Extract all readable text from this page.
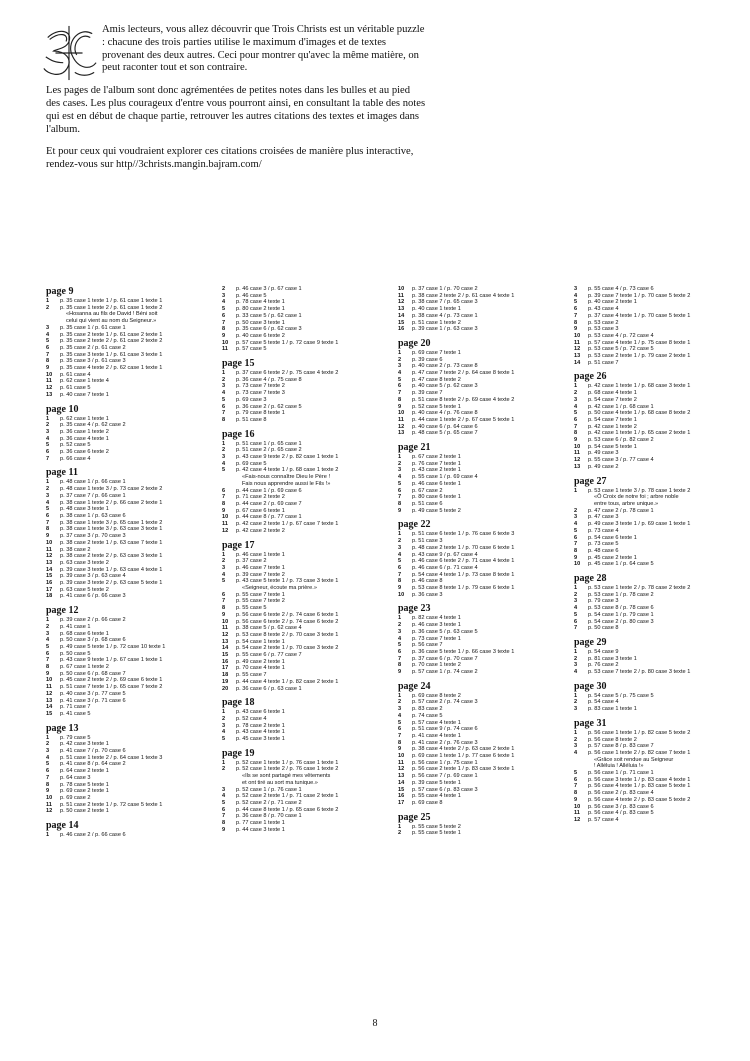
Amis lecteurs, vous allez découvrir que Trois Christs est un véritable puzzle : chacune des trois parties utilise le maximum d'images et de textes provenant des deux autres. Ceci pour montrer qu'avec la même matière, on peut raconter tout et son contraire.

Les pages de l'album sont donc agrémentées de petites notes dans les bulles et au pied des cases. Les plus courageux d'entre vous pourront ainsi, en consultant la table des notes qui est en début de chaque partie, retrouver les autres citations des textes et images dans l'album.

Et pour ceux qui voudraient explorer ces citations croisées de manière plus interactive, rendez-vous sur http//3christs.mangin.bajram.com/

page 9
1	p. 35 case 1 texte 1 / p. 61 case 1 texte 1
2	p. 35 case 1 texte 2 / p. 61 case 1 texte 2
«Hosanna au fils de David ! Béni soit
celui qui vient au nom du Seigneur.»
3	p. 35 case 1 / p. 61 case 1
4	p. 35 case 2 texte 1 / p. 61 case 2 texte 1
5	p. 35 case 2 texte 2 / p. 61 case 2 texte 2
6	p. 35 case 2 / p. 61 case 2
7	p. 35 case 3 texte 1 / p. 61 case 3 texte 1
8	p. 35 case 3 / p. 61 case 3
9	p. 35 case 4 texte 2 / p. 62 case 1 texte 1
10	p. 61 case 4
11	p. 62 case 1 texte 4
12	p. 61 case 5
13	p. 40 case 7 texte 1
page 10
1	p. 62 case 1 texte 1
2	p. 35 case 4 / p. 62 case 2
3	p. 36 case 1 texte 2
4	p. 36 case 4 texte 1
5	p. 52 case 5
6	p. 36 case 6 texte 2
7	p. 66 case 4
page 11
1	p. 48 case 1 / p. 66 case 1
2	p. 48 case 1 texte 3 / p. 73 case 2 texte 2
3	p. 37 case 7 / p. 66 case 1
4	p. 38 case 1 texte 2 / p. 66 case 2 texte 1
5	p. 48 case 3 texte 1
6	p. 38 case 1 / p. 63 case 6
7	p. 38 case 1 texte 3 / p. 65 case 1 texte 2
8	p. 38 case 1 texte 3 / p. 63 case 3 texte 1
9	p. 37 case 3 / p. 70 case 3
10	p. 38 case 2 texte 1 / p. 63 case 7 texte 1
11	p. 38 case 2
12	p. 38 case 2 texte 2 / p. 63 case 3 texte 1
13	p. 63 case 3 texte 2
14	p. 39 case 3 texte 1 / p. 63 case 4 texte 1
15	p. 39 case 3 / p. 63 case 4
16	p. 39 case 3 texte 2 / p. 63 case 5 texte 1
17	p. 63 case 5 texte 2
18	p. 41 case 6 / p. 66 case 3
page 12
1	p. 39 case 2 / p. 66 case 2
2	p. 41 case 1
3	p. 68 case 6 texte 1
4	p. 50 case 3 / p. 68 case 6
5	p. 49 case 5 texte 1 / p. 72 case 10 texte 1
6	p. 50 case 5
7	p. 43 case 9 texte 1 / p. 67 case 1 texte 1
8	p. 67 case 1 texte 2
9	p. 50 case 6 / p. 68 case 7
10	p. 45 case 2 texte 2 / p. 69 case 6 texte 1
11	p. 51 case 7 texte 1 / p. 65 case 7 texte 2
12	p. 40 case 3 / p. 77 case 5
13	p. 41 case 3 / p. 71 case 6
14	p. 71 case 7
15	p. 41 case 5
page 13
1	p. 79 case 5
2	p. 42 case 3 texte 1
3	p. 41 case 7 / p. 70 case 6
4	p. 51 case 1 texte 2 / p. 64 case 1 texte 3
5	p. 41 case 8 / p. 64 case 2
6	p. 64 case 2 texte 1
7	p. 64 case 3
8	p. 78 case 5 texte 1
9	p. 69 case 2 texte 1
10	p. 69 case 2
11	p. 51 case 2 texte 1 / p. 72 case 5 texte 1
12	p. 50 case 2 texte 1
page 14
1	p. 46 case 2 / p. 66 case 6
2	p. 46 case 3 / p. 67 case 1
3	p. 46 case 5
4	p. 78 case 4 texte 1
5	p. 80 case 2 texte 1
6	p. 33 case 5 / p. 62 case 1
7	p. 50 case 3 texte 1
8	p. 35 case 6 / p. 62 case 3
9	p. 40 case 6 texte 2
10	p. 57 case 5 texte 1 / p. 72 case 9 texte 1
11	p. 57 case 5
page 15
1	p. 37 case 6 texte 2 / p. 75 case 4 texte 2
2	p. 36 case 4 / p. 75 case 8
3	p. 73 case 7 texte 2
4	p. 73 case 7 texte 3
5	p. 69 case 3
6	p. 36 case 2 / p. 62 case 5
7	p. 79 case 8 texte 1
8	p. 51 case 8
page 16
1	p. 51 case 1 / p. 65 case 1
2	p. 51 case 2 / p. 65 case 2
3	p. 43 case 9 texte 2 / p. 82 case 1 texte 1
4	p. 69 case 5
5	p. 42 case 4 texte 1 / p. 68 case 1 texte 2
«Fais-nous connaître Dieu le Père !
Fais nous apprendre aussi le Fils !»
6	p. 44 case 1 / p. 69 case 6
7	p. 71 case 2 texte 2
8	p. 44 case 2 / p. 69 case 7
9	p. 67 case 6 texte 1
10	p. 44 case 8 / p. 77 case 1
11	p. 42 case 2 texte 1 / p. 67 case 7 texte 1
12	p. 42 case 2 texte 2
page 17
1	p. 46 case 1 texte 1
2	p. 37 case 2
3	p. 46 case 7 texte 1
4	p. 39 case 7 texte 2
5	p. 43 case 5 texte 1 / p. 73 case 3 texte 1
«Seigneur, écoute ma prière.»
6	p. 55 case 7 texte 1
7	p. 55 case 7 texte 2
8	p. 55 case 5
9	p. 56 case 6 texte 2 / p. 74 case 6 texte 1
10	p. 56 case 6 texte 2 / p. 74 case 6 texte 2
11	p. 38 case 5 / p. 62 case 4
12	p. 53 case 8 texte 2 / p. 70 case 3 texte 1
13	p. 54 case 1 texte 1
14	p. 54 case 2 texte 1 / p. 70 case 3 texte 2
15	p. 55 case 6 / p. 77 case 7
16	p. 49 case 2 texte 1
17	p. 70 case 4 texte 1
18	p. 55 case 7
19	p. 44 case 4 texte 1 / p. 82 case 2 texte 1
20	p. 36 case 6 / p. 63 case 1
page 18
1	p. 43 case 6 texte 1
2	p. 52 case 4
3	p. 78 case 2 texte 1
4	p. 43 case 4 texte 1
5	p. 45 case 3 texte 1
page 19
1	p. 52 case 1 texte 1 / p. 76 case 1 texte 1
2	p. 52 case 1 texte 2 / p. 76 case 1 texte 2
«Ils se sont partagé mes vêtements
et ont tiré au sort ma tunique.»
3	p. 52 case 1 / p. 76 case 1
4	p. 52 case 2 texte 1 / p. 71 case 2 texte 1
5	p. 52 case 2 / p. 71 case 2
6	p. 44 case 8 texte 1 / p. 65 case 6 texte 2
7	p. 36 case 8 / p. 70 case 1
8	p. 77 case 1 texte 1
9	p. 44 case 3 texte 1
10	p. 37 case 1 / p. 70 case 2
11	p. 38 case 2 texte 2 / p. 61 case 4 texte 1
12	p. 38 case 7 / p. 65 case 3
13	p. 40 case 1 texte 1
14	p. 38 case 4 / p. 73 case 1
15	p. 51 case 1 texte 2
16	p. 39 case 1 / p. 63 case 3
page 20
1	p. 69 case 7 texte 1
2	p. 39 case 6
3	p. 40 case 2 / p. 73 case 8
4	p. 47 case 7 texte 2 / p. 64 case 8 texte 1
5	p. 47 case 8 texte 2
6	p. 40 case 5 / p. 62 case 3
7	p. 39 case 7
8	p. 51 case 8 texte 2 / p. 69 case 4 texte 2
9	p. 52 case 5 texte 1
10	p. 40 case 4 / p. 76 case 8
11	p. 44 case 1 texte 2 / p. 67 case 5 texte 1
12	p. 40 case 6 / p. 64 case 6
13	p. 48 case 5 / p. 65 case 7
page 21
1	p. 67 case 2 texte 1
2	p. 76 case 7 texte 1
3	p. 43 case 2 texte 1
4	p. 55 case 1 / p. 69 case 4
5	p. 46 case 6 texte 1
6	p. 67 case 2
7	p. 80 case 6 texte 1
8	p. 51 case 6
9	p. 49 case 5 texte 2
page 22
1	p. 51 case 6 texte 1 / p. 76 case 6 texte 3
2	p. 51 case 3
3	p. 48 case 2 texte 1 / p. 70 case 6 texte 1
4	p. 43 case 9 / p. 67 case 4
5	p. 46 case 6 texte 2 / p. 71 case 4 texte 1
6	p. 46 case 6 / p. 71 case 4
7	p. 54 case 4 texte 1 / p. 73 case 8 texte 1
8	p. 46 case 8
9	p. 53 case 8 texte 1 / p. 79 case 6 texte 1
10	p. 36 case 3
page 23
1	p. 82 case 4 texte 1
2	p. 46 case 3 texte 1
3	p. 36 case 5 / p. 63 case 5
4	p. 73 case 7 texte 1
5	p. 56 case 7
6	p. 36 case 5 texte 1 / p. 66 case 3 texte 1
7	p. 37 case 6 / p. 70 case 7
8	p. 70 case 1 texte 2
9	p. 57 case 1 / p. 74 case 2
page 24
1	p. 69 case 8 texte 2
2	p. 57 case 2 / p. 74 case 3
3	p. 83 case 2
4	p. 74 case 5
5	p. 57 case 4 texte 1
6	p. 51 case 9 / p. 74 case 6
7	p. 41 case 4 texte 1
8	p. 41 case 2 / p. 76 case 3
9	p. 38 case 4 texte 2 / p. 63 case 2 texte 1
10	p. 69 case 1 texte 1 / p. 77 case 6 texte 1
11	p. 56 case 1 / p. 75 case 1
12	p. 56 case 2 texte 1 / p. 83 case 3 texte 1
13	p. 56 case 7 / p. 69 case 1
14	p. 39 case 5 texte 1
15	p. 57 case 6 / p. 83 case 3
16	p. 55 case 4 texte 1
17	p. 69 case 8
page 25
1	p. 55 case 5 texte 2
2	p. 55 case 5 texte 1
3	p. 55 case 4 / p. 73 case 6
4	p. 39 case 7 texte 1 / p. 70 case 5 texte 2
5	p. 40 case 2 texte 1
6	p. 43 case 4
7	p. 37 case 4 texte 1 / p. 70 case 5 texte 1
8	p. 53 case 2
9	p. 53 case 3
10	p. 53 case 4 / p. 72 case 4
11	p. 57 case 4 texte 1 / p. 75 case 8 texte 1
12	p. 53 case 5 / p. 72 case 5
13	p. 53 case 2 texte 1 / p. 79 case 2 texte 1
14	p. 51 case 7
page 26
1	p. 42 case 1 texte 1 / p. 68 case 3 texte 1
2	p. 68 case 4 texte 1
3	p. 54 case 7 texte 2
4	p. 42 case 1 / p. 68 case 1
5	p. 50 case 4 texte 1 / p. 68 case 8 texte 2
6	p. 54 case 7 texte 1
7	p. 42 case 1 texte 2
8	p. 42 case 1 texte 1 / p. 65 case 2 texte 1
9	p. 53 case 6 / p. 82 case 2
10	p. 54 case 5 texte 1
11	p. 49 case 3
12	p. 55 case 3 / p. 77 case 4
13	p. 49 case 2
page 27
1	p. 53 case 1 texte 3 / p. 78 case 1 texte 2
«Ô Croix de notre foi ; arbre noble
entre tous, arbre unique.»
2	p. 47 case 2 / p. 78 case 1
3	p. 47 case 3
4	p. 49 case 3 texte 1 / p. 69 case 1 texte 1
5	p. 73 case 4
6	p. 54 case 6 texte 1
7	p. 73 case 5
8	p. 48 case 6
9	p. 45 case 2 texte 1
10	p. 45 case 1 / p. 64 case 5
page 28
1	p. 53 case 1 texte 2 / p. 78 case 2 texte 2
2	p. 53 case 1 / p. 78 case 2
3	p. 79 case 3
4	p. 53 case 8 / p. 78 case 6
5	p. 54 case 1 / p. 79 case 1
6	p. 54 case 2 / p. 80 case 3
7	p. 50 case 8
page 29
1	p. 54 case 9
2	p. 81 case 3 texte 1
3	p. 76 case 2
4	p. 53 case 7 texte 2 / p. 80 case 3 texte 1
page 30
1	p. 54 case 5 / p. 75 case 5
2	p. 54 case 4
3	p. 83 case 1 texte 1
page 31
1	p. 56 case 1 texte 1 / p. 82 case 5 texte 2
2	p. 56 case 8 texte 2
3	p. 57 case 8 / p. 83 case 7
4	p. 56 case 1 texte 2 / p. 82 case 7 texte 1
«Grâce soit rendue au Seigneur
! Alléluia ! Alléluia !»
5	p. 56 case 1 / p. 71 case 1
6	p. 56 case 3 texte 1 / p. 83 case 4 texte 1
7	p. 56 case 4 texte 1 / p. 83 case 5 texte 1
8	p. 56 case 2 / p. 83 case 4
9	p. 56 case 4 texte 2 / p. 83 case 5 texte 2
10	p. 56 case 3 / p. 83 case 6
11	p. 56 case 4 / p. 83 case 5
12	p. 57 case 4
8
